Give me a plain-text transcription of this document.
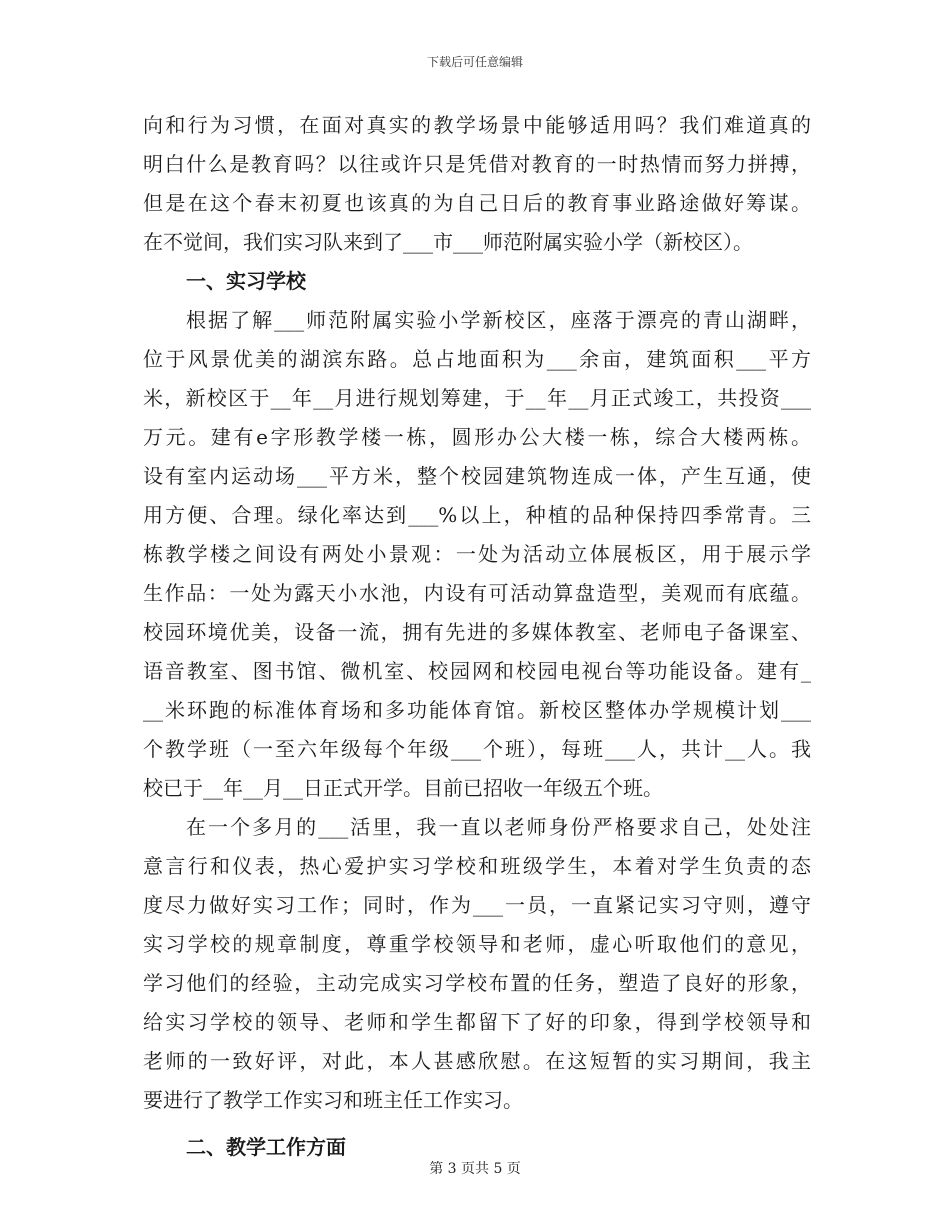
下载后可任意编辑
向和行为习惯，在面对真实的教学场景中能够适用吗？我们难道真的
明白什么是教育吗？以往或许只是凭借对教育的一时热情而努力拼搏，
但是在这个春末初夏也该真的为自己日后的教育事业路途做好筹谋。
在不觉间，我们实习队来到了___市___师范附属实验小学（新校区）。
一、实习学校
根据了解___师范附属实验小学新校区，座落于漂亮的青山湖畔，
位于风景优美的湖滨东路。总占地面积为___余亩，建筑面积___平方
米，新校区于__年__月进行规划筹建，于__年__月正式竣工，共投资___
万元。建有e字形教学楼一栋，圆形办公大楼一栋，综合大楼两栋。
设有室内运动场___平方米，整个校园建筑物连成一体，产生互通，使
用方便、合理。绿化率达到___%以上，种植的品种保持四季常青。三
栋教学楼之间设有两处小景观：一处为活动立体展板区，用于展示学
生作品：一处为露天小水池，内设有可活动算盘造型，美观而有底蕴。
校园环境优美，设备一流，拥有先进的多媒体教室、老师电子备课室、
语音教室、图书馆、微机室、校园网和校园电视台等功能设备。建有_
__米环跑的标准体育场和多功能体育馆。新校区整体办学规模计划___
个教学班（一至六年级每个年级___个班），每班___人，共计__人。我
校已于__年__月__日正式开学。目前已招收一年级五个班。
在一个多月的___活里，我一直以老师身份严格要求自己，处处注
意言行和仪表，热心爱护实习学校和班级学生，本着对学生负责的态
度尽力做好实习工作；同时，作为___一员，一直紧记实习守则，遵守
实习学校的规章制度，尊重学校领导和老师，虚心听取他们的意见，
学习他们的经验，主动完成实习学校布置的任务，塑造了良好的形象，
给实习学校的领导、老师和学生都留下了好的印象，得到学校领导和
老师的一致好评，对此，本人甚感欣慰。在这短暂的实习期间，我主
要进行了教学工作实习和班主任工作实习。
二、教学工作方面
第 3 页共 5 页
